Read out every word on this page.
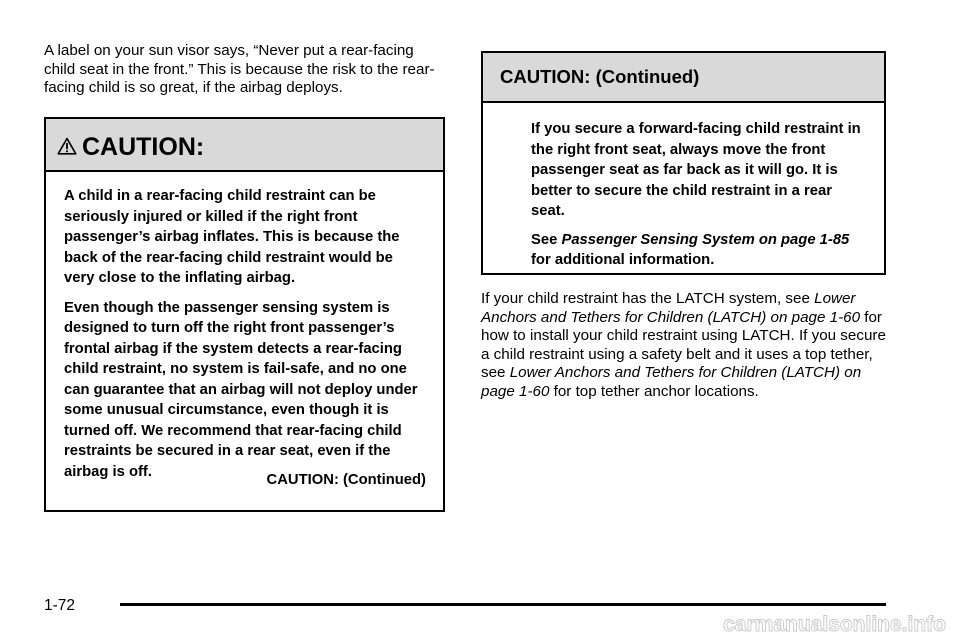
A label on your sun visor says, “Never put a rear-facing child seat in the front.” This is because the risk to the rear-facing child is so great, if the airbag deploys.

CAUTION:

A child in a rear-facing child restraint can be seriously injured or killed if the right front passenger’s airbag inflates. This is because the back of the rear-facing child restraint would be very close to the inflating airbag.

Even though the passenger sensing system is designed to turn off the right front passenger’s frontal airbag if the system detects a rear-facing child restraint, no system is fail-safe, and no one can guarantee that an airbag will not deploy under some unusual circumstance, even though it is turned off. We recommend that rear-facing child restraints be secured in a rear seat, even if the airbag is off.

CAUTION: (Continued)
CAUTION: (Continued)

If you secure a forward-facing child restraint in the right front seat, always move the front passenger seat as far back as it will go. It is better to secure the child restraint in a rear seat.

See Passenger Sensing System on page 1-85 for additional information.

If your child restraint has the LATCH system, see Lower Anchors and Tethers for Children (LATCH) on page 1-60 for how to install your child restraint using LATCH. If you secure a child restraint using a safety belt and it uses a top tether, see Lower Anchors and Tethers for Children (LATCH) on page 1-60 for top tether anchor locations.

1-72
carmanualsonline.info
